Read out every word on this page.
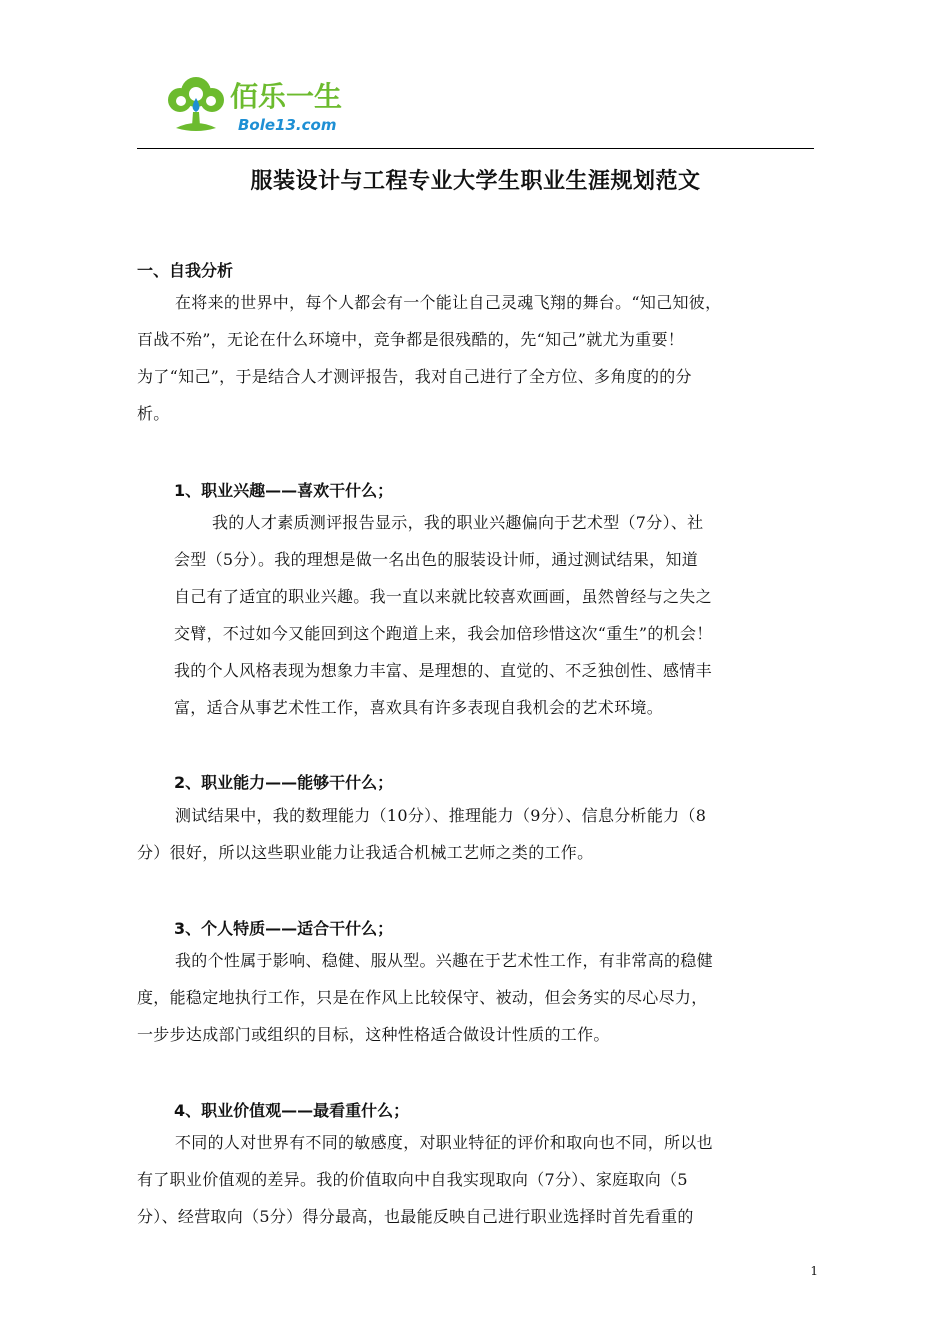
佰乐一生
Bole13.com
服装设计与工程专业大学生职业生涯规划范文
一、自我分析
在将来的世界中，每个人都会有一个能让自己灵魂飞翔的舞台。“知己知彼，
百战不殆”，无论在什么环境中，竞争都是很残酷的，先“知己”就尤为重要！
为了“知己”，于是结合人才测评报告，我对自己进行了全方位、多角度的的分
析。
1、职业兴趣——喜欢干什么；
我的人才素质测评报告显示，我的职业兴趣偏向于艺术型（7分）、社
会型（5分）。我的理想是做一名出色的服装设计师，通过测试结果，知道
自己有了适宜的职业兴趣。我一直以来就比较喜欢画画，虽然曾经与之失之
交臂，不过如今又能回到这个跑道上来，我会加倍珍惜这次“重生”的机会！
我的个人风格表现为想象力丰富、是理想的、直觉的、不乏独创性、感情丰
富，适合从事艺术性工作，喜欢具有许多表现自我机会的艺术环境。
2、职业能力——能够干什么；
测试结果中，我的数理能力（10分）、推理能力（9分）、信息分析能力（8
分）很好，所以这些职业能力让我适合机械工艺师之类的工作。
3、个人特质——适合干什么；
我的个性属于影响、稳健、服从型。兴趣在于艺术性工作，有非常高的稳健
度，能稳定地执行工作，只是在作风上比较保守、被动，但会务实的尽心尽力，
一步步达成部门或组织的目标，这种性格适合做设计性质的工作。
4、职业价值观——最看重什么；
不同的人对世界有不同的敏感度，对职业特征的评价和取向也不同，所以也
有了职业价值观的差异。我的价值取向中自我实现取向（7分）、家庭取向（5
分）、经营取向（5分）得分最高，也最能反映自己进行职业选择时首先看重的
1
